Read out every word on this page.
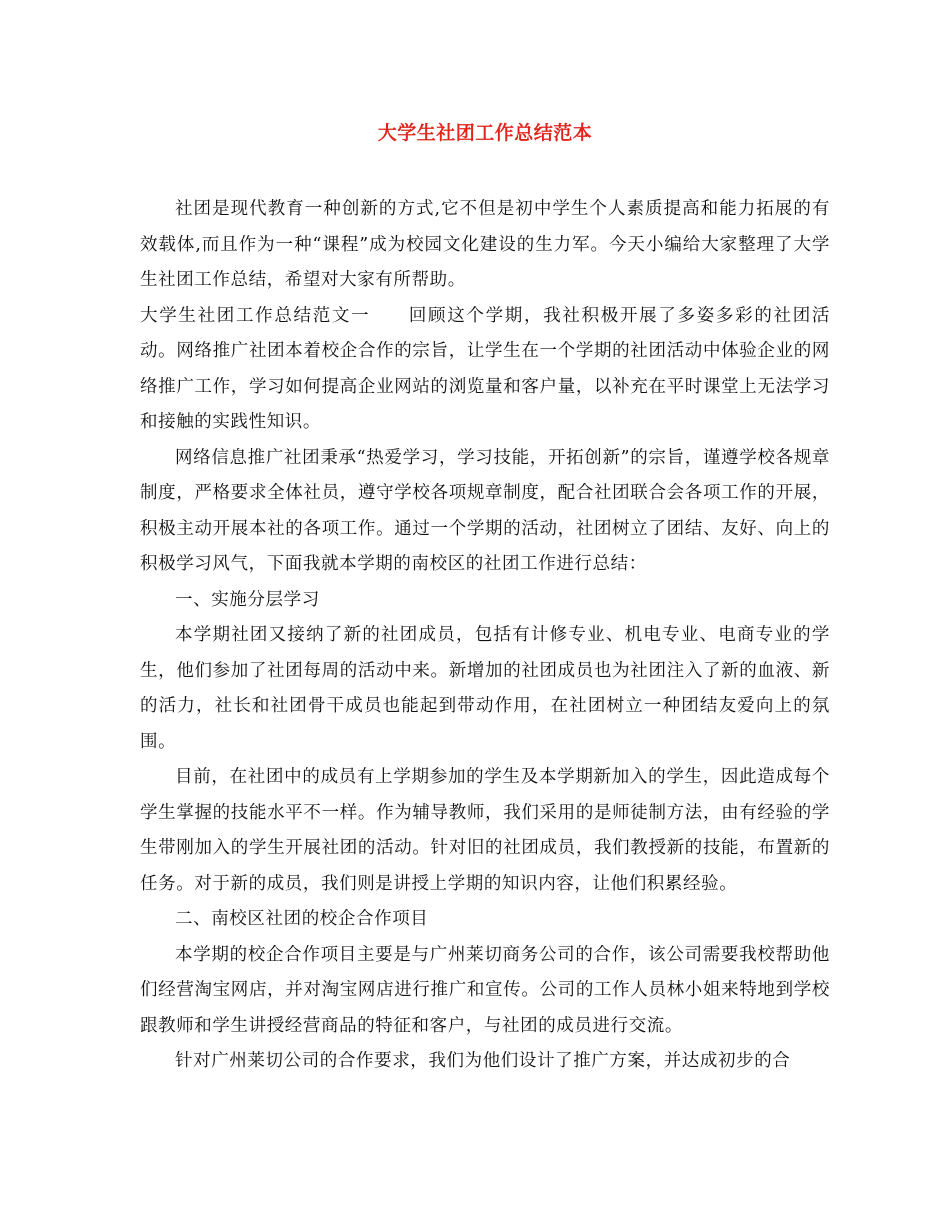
大学生社团工作总结范本

社团是现代教育一种创新的方式,它不但是初中学生个人素质提高和能力拓展的有效载体,而且作为一种“课程”成为校园文化建设的生力军。今天小编给大家整理了大学生社团工作总结，希望对大家有所帮助。

大学生社团工作总结范文一 回顾这个学期，我社积极开展了多姿多彩的社团活动。网络推广社团本着校企合作的宗旨，让学生在一个学期的社团活动中体验企业的网络推广工作，学习如何提高企业网站的浏览量和客户量，以补充在平时课堂上无法学习和接触的实践性知识。

网络信息推广社团秉承“热爱学习，学习技能，开拓创新”的宗旨，谨遵学校各规章制度，严格要求全体社员，遵守学校各项规章制度，配合社团联合会各项工作的开展，积极主动开展本社的各项工作。通过一个学期的活动，社团树立了团结、友好、向上的积极学习风气，下面我就本学期的南校区的社团工作进行总结：

一、实施分层学习

本学期社团又接纳了新的社团成员，包括有计修专业、机电专业、电商专业的学生，他们参加了社团每周的活动中来。新增加的社团成员也为社团注入了新的血液、新的活力，社长和社团骨干成员也能起到带动作用，在社团树立一种团结友爱向上的氛围。

目前，在社团中的成员有上学期参加的学生及本学期新加入的学生，因此造成每个学生掌握的技能水平不一样。作为辅导教师，我们采用的是师徒制方法，由有经验的学生带刚加入的学生开展社团的活动。针对旧的社团成员，我们教授新的技能，布置新的任务。对于新的成员，我们则是讲授上学期的知识内容，让他们积累经验。

二、南校区社团的校企合作项目

本学期的校企合作项目主要是与广州莱切商务公司的合作，该公司需要我校帮助他们经营淘宝网店，并对淘宝网店进行推广和宣传。公司的工作人员林小姐来特地到学校跟教师和学生讲授经营商品的特征和客户，与社团的成员进行交流。

针对广州莱切公司的合作要求，我们为他们设计了推广方案，并达成初步的合
